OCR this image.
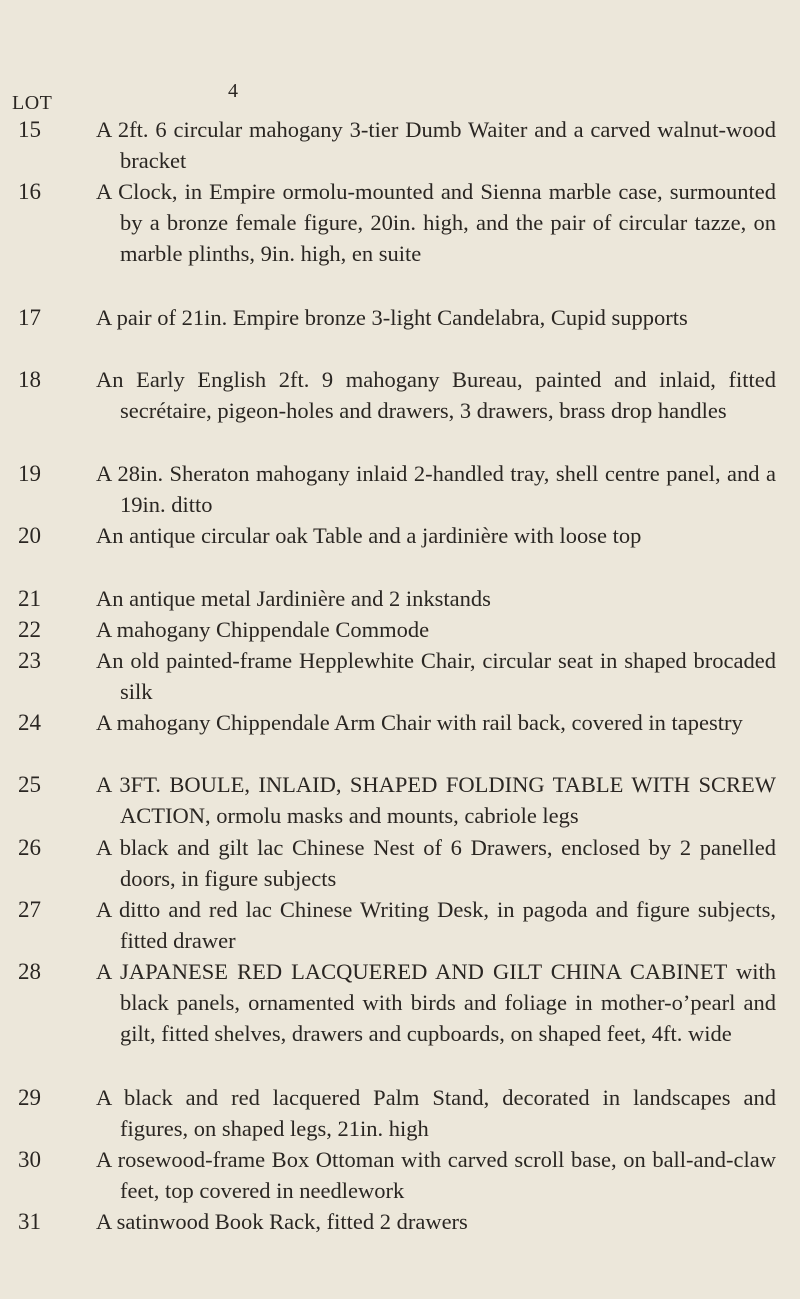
4
LOT
15	A 2ft. 6 circular mahogany 3-tier Dumb Waiter and a carved walnut-wood bracket
16	A Clock, in Empire ormolu-mounted and Sienna marble case, surmounted by a bronze female figure, 20in. high, and the pair of circular tazze, on marble plinths, 9in. high, en suite
17	A pair of 21in. Empire bronze 3-light Candelabra, Cupid supports
18	An Early English 2ft. 9 mahogany Bureau, painted and inlaid, fitted secrétaire, pigeon-holes and drawers, 3 drawers, brass drop handles
19	A 28in. Sheraton mahogany inlaid 2-handled tray, shell centre panel, and a 19in. ditto
20	An antique circular oak Table and a jardinière with loose top
21	An antique metal Jardinière and 2 inkstands
22	A mahogany Chippendale Commode
23	An old painted-frame Hepplewhite Chair, circular seat in shaped brocaded silk
24	A mahogany Chippendale Arm Chair with rail back, covered in tapestry
25	A 3FT. BOULE, INLAID, SHAPED FOLDING TABLE WITH SCREW ACTION, ormolu masks and mounts, cabriole legs
26	A black and gilt lac Chinese Nest of 6 Drawers, enclosed by 2 panelled doors, in figure subjects
27	A ditto and red lac Chinese Writing Desk, in pagoda and figure subjects, fitted drawer
28	A JAPANESE RED LACQUERED AND GILT CHINA CABINET with black panels, ornamented with birds and foliage in mother-o’pearl and gilt, fitted shelves, drawers and cupboards, on shaped feet, 4ft. wide
29	A black and red lacquered Palm Stand, decorated in landscapes and figures, on shaped legs, 21in. high
30	A rosewood-frame Box Ottoman with carved scroll base, on ball-and-claw feet, top covered in needlework
31	A satinwood Book Rack, fitted 2 drawers
